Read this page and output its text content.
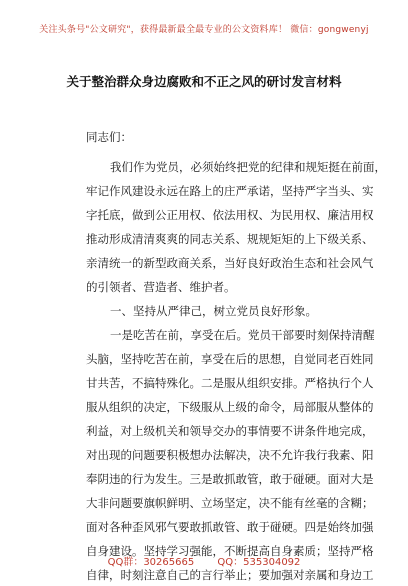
关注头条号"公文研究"，获得最新最全最专业的公文资料库！ 微信：gongwenyj
关于整治群众身边腐败和不正之风的研讨发言材料
同志们：
我们作为党员，必须始终把党的纪律和规矩挺在前面，
牢记作风建设永远在路上的庄严承诺，坚持严字当头、实
字托底，做到公正用权、依法用权、为民用权、廉洁用权
推动形成清清爽爽的同志关系、规规矩矩的上下级关系、
亲清统一的新型政商关系，当好良好政治生态和社会风气
的引领者、营造者、维护者。
一、坚持从严律己，树立党员良好形象。
一是吃苦在前，享受在后。党员干部要时刻保持清醒
头脑，坚持吃苦在前，享受在后的思想，自觉同老百姓同
甘共苦，不搞特殊化。二是服从组织安排。严格执行个人
服从组织的决定，下级服从上级的命令，局部服从整体的
利益，对上级机关和领导交办的事情要不讲条件地完成，
对出现的问题要积极想办法解决，决不允许我行我素、阳
奉阴违的行为发生。三是敢抓敢管，敢于碰硬。面对大是
大非问题要旗帜鲜明、立场坚定，决不能有丝毫的含糊；
面对各种歪风邪气要敢抓敢管、敢于碰硬。四是始终加强
自身建设。坚持学习强能，不断提高自身素质；坚持严格
自律，时刻注意自己的言行举止；要加强对亲属和身边工
QQ群：30265665 QQ：535304092
